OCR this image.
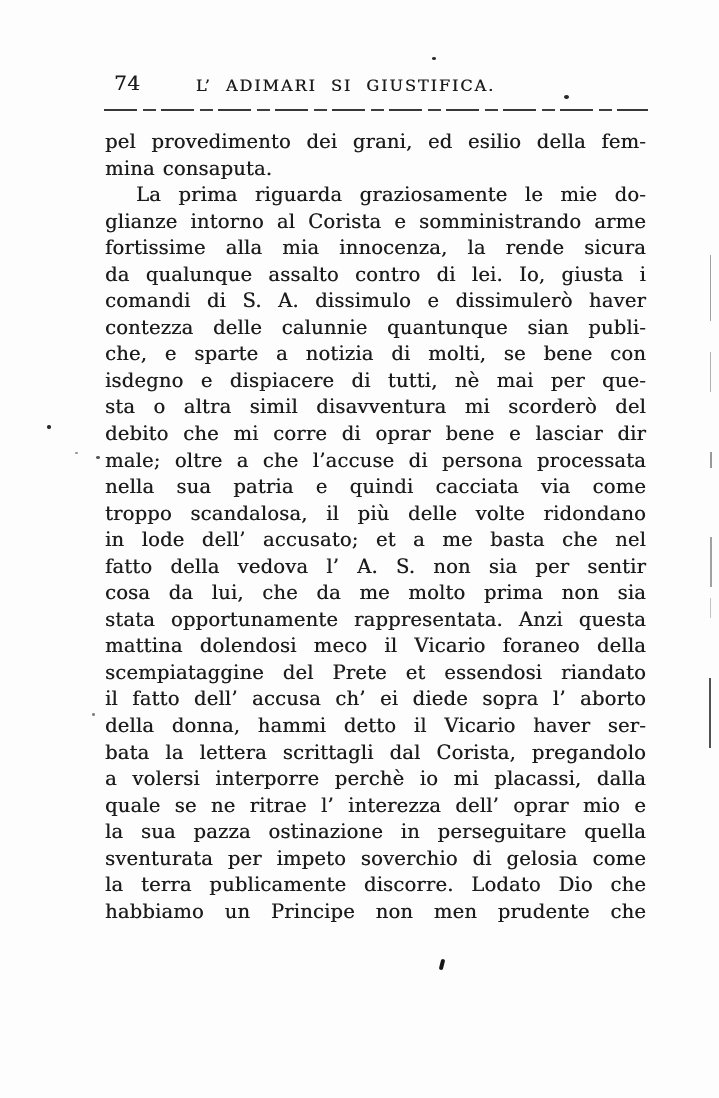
74	L’ ADIMARI SI GIUSTIFICA.
pel provedimento dei grani, ed esilio della fem-
mina consaputa.
La prima riguarda graziosamente le mie do-
glianze intorno al Corista e somministrando arme
fortissime alla mia innocenza, la rende sicura
da qualunque assalto contro di lei. Io, giusta i
comandi di S. A. dissimulo e dissimulerò haver
contezza delle calunnie quantunque sian publi-
che, e sparte a notizia di molti, se bene con
isdegno e dispiacere di tutti, nè mai per que-
sta o altra simil disavventura mi scorderò del
debito che mi corre di oprar bene e lasciar dir
male; oltre a che l’accuse di persona processata
nella sua patria e quindi cacciata via come
troppo scandalosa, il più delle volte ridondano
in lode dell’ accusato; et a me basta che nel
fatto della vedova l’ A. S. non sia per sentir
cosa da lui, che da me molto prima non sia
stata opportunamente rappresentata. Anzi questa
mattina dolendosi meco il Vicario foraneo della
scempiataggine del Prete et essendosi riandato
il fatto dell’ accusa ch’ ei diede sopra l’ aborto
della donna, hammi detto il Vicario haver ser-
bata la lettera scrittagli dal Corista, pregandolo
a volersi interporre perchè io mi placassi, dalla
quale se ne ritrae l’ interezza dell’ oprar mio e
la sua pazza ostinazione in perseguitare quella
sventurata per impeto soverchio di gelosia come
la terra publicamente discorre. Lodato Dio che
habbiamo un Principe non men prudente che
